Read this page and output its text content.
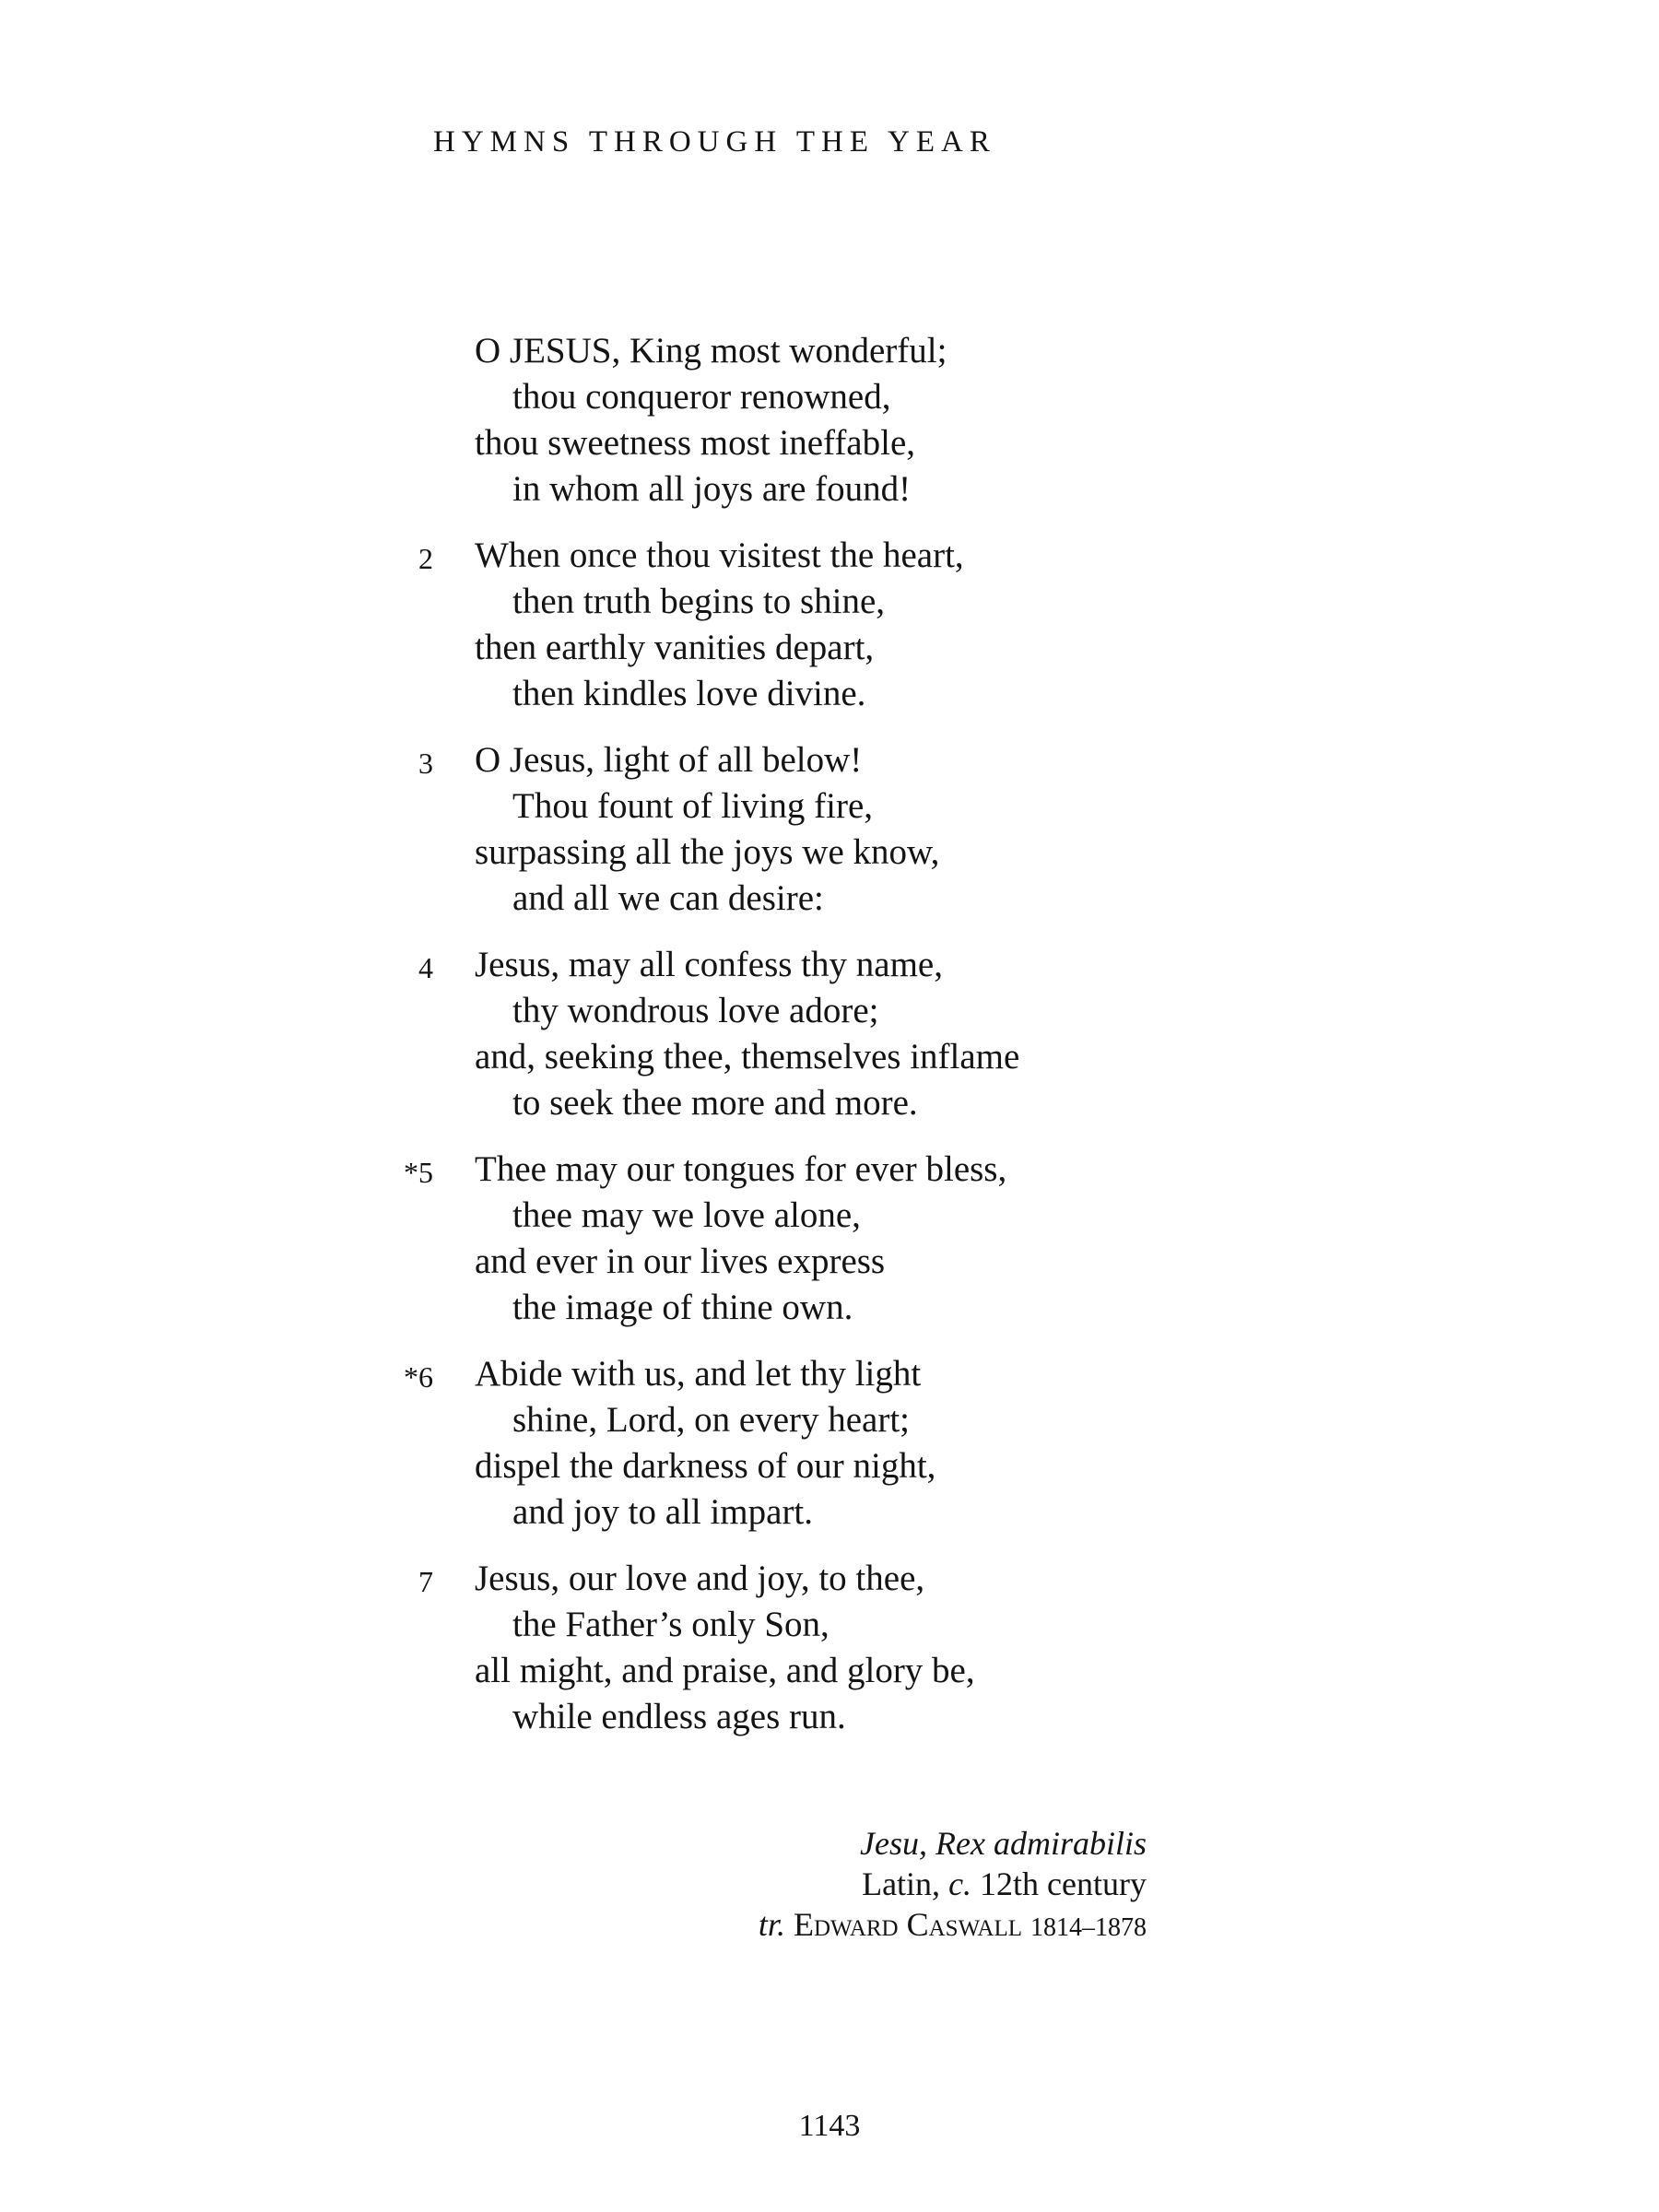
HYMNS THROUGH THE YEAR
O JESUS, King most wonderful;
thou conqueror renowned,
thou sweetness most ineffable,
in whom all joys are found!
2	When once thou visitest the heart,
then truth begins to shine,
then earthly vanities depart,
then kindles love divine.
3	O Jesus, light of all below!
Thou fount of living fire,
surpassing all the joys we know,
and all we can desire:
4	Jesus, may all confess thy name,
thy wondrous love adore;
and, seeking thee, themselves inflame
to seek thee more and more.
*5	Thee may our tongues for ever bless,
thee may we love alone,
and ever in our lives express
the image of thine own.
*6	Abide with us, and let thy light
shine, Lord, on every heart;
dispel the darkness of our night,
and joy to all impart.
7	Jesus, our love and joy, to thee,
the Father’s only Son,
all might, and praise, and glory be,
while endless ages run.
Jesu, Rex admirabilis
Latin, c. 12th century
tr. Edward Caswall 1814–1878
1143
